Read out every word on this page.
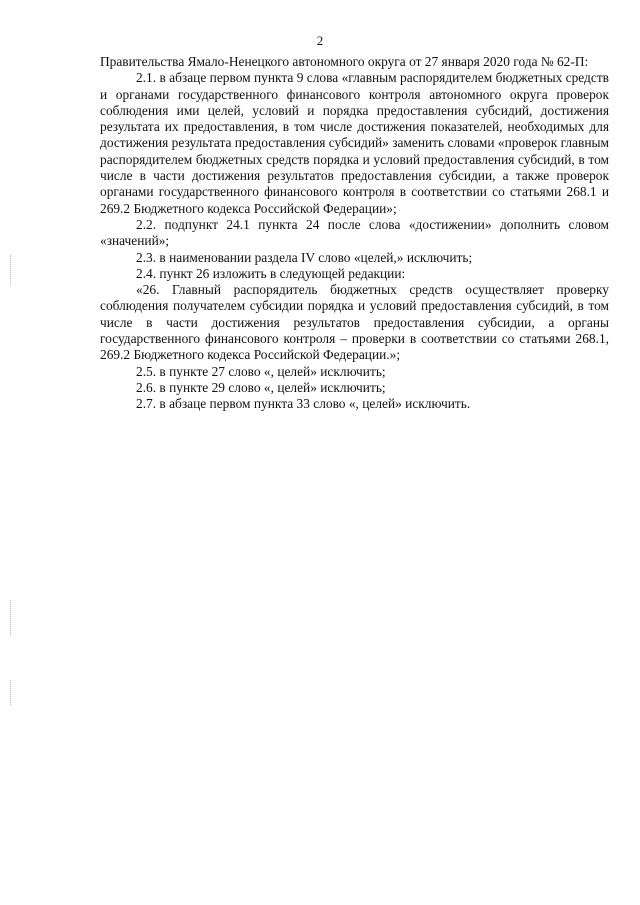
2

Правительства Ямало-Ненецкого автономного округа от 27 января 2020 года № 62-П:

2.1. в абзаце первом пункта 9 слова «главным распорядителем бюджетных средств и органами государственного финансового контроля автономного округа проверок соблюдения ими целей, условий и порядка предоставления субсидий, достижения результата их предоставления, в том числе достижения показателей, необходимых для достижения результата предоставления субсидий» заменить словами «проверок главным распорядителем бюджетных средств порядка и условий предоставления субсидий, в том числе в части достижения результатов предоставления субсидии, а также проверок органами государственного финансового контроля в соответствии со статьями 268.1 и 269.2 Бюджетного кодекса Российской Федерации»;

2.2. подпункт 24.1 пункта 24 после слова «достижении» дополнить словом «значений»;

2.3. в наименовании раздела IV слово «целей,» исключить;

2.4. пункт 26 изложить в следующей редакции:

«26. Главный распорядитель бюджетных средств осуществляет проверку соблюдения получателем субсидии порядка и условий предоставления субсидий, в том числе в части достижения результатов предоставления субсидии, а органы государственного финансового контроля – проверки в соответствии со статьями 268.1, 269.2 Бюджетного кодекса Российской Федерации.»;

2.5. в пункте 27 слово «, целей» исключить;

2.6. в пункте 29 слово «, целей» исключить;

2.7. в абзаце первом пункта 33 слово «, целей» исключить.
